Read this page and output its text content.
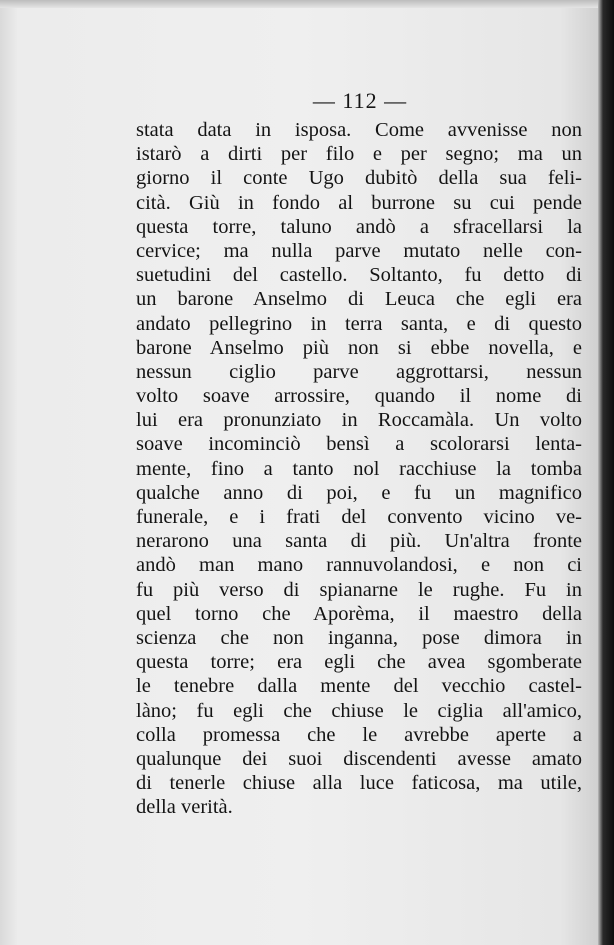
— 112 —
stata data in isposa. Come avvenisse non
istarò a dirti per filo e per segno; ma un
giorno il conte Ugo dubitò della sua feli-
cità. Giù in fondo al burrone su cui pende
questa torre, taluno andò a sfracellarsi la
cervice; ma nulla parve mutato nelle con-
suetudini del castello. Soltanto, fu detto di
un barone Anselmo di Leuca che egli era
andato pellegrino in terra santa, e di questo
barone Anselmo più non si ebbe novella, e
nessun ciglio parve aggrottarsi, nessun
volto soave arrossire, quando il nome di
lui era pronunziato in Roccamàla. Un volto
soave incominciò bensì a scolorarsi lenta-
mente, fino a tanto nol racchiuse la tomba
qualche anno di poi, e fu un magnifico
funerale, e i frati del convento vicino ve-
nerarono una santa di più. Un'altra fronte
andò man mano rannuvolandosi, e non ci
fu più verso di spianarne le rughe. Fu in
quel torno che Aporèma, il maestro della
scienza che non inganna, pose dimora in
questa torre; era egli che avea sgomberate
le tenebre dalla mente del vecchio castel-
làno; fu egli che chiuse le ciglia all'amico,
colla promessa che le avrebbe aperte a
qualunque dei suoi discendenti avesse amato
di tenerle chiuse alla luce faticosa, ma utile,
della verità.
